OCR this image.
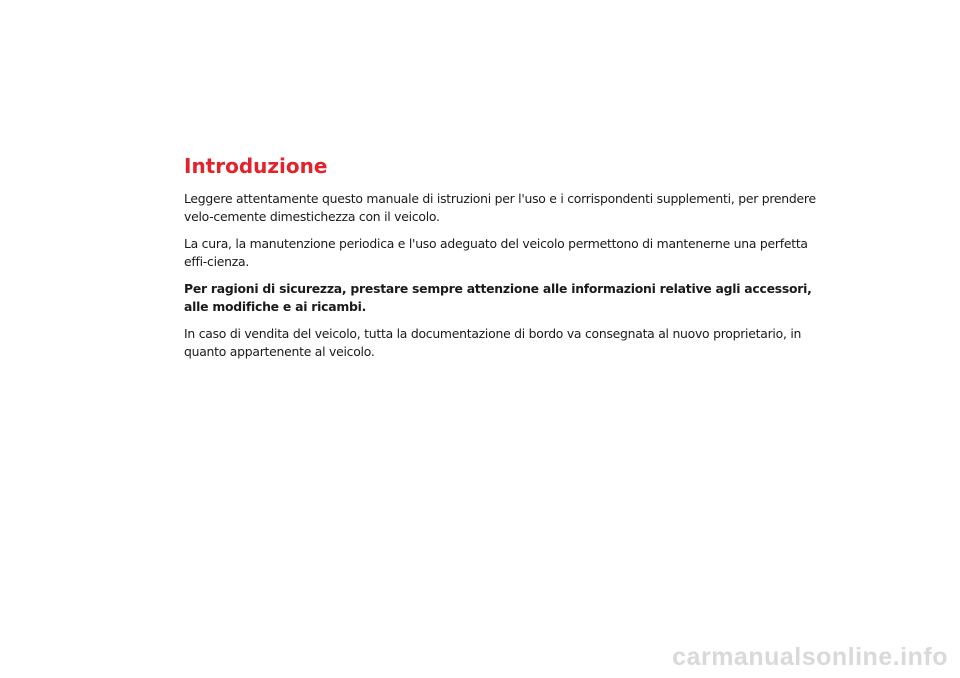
Introduzione

Leggere attentamente questo manuale di istruzioni per l'uso e i corrispondenti supplementi, per prendere velo-cemente dimestichezza con il veicolo.

La cura, la manutenzione periodica e l'uso adeguato del veicolo permettono di mantenerne una perfetta effi-cienza.

Per ragioni di sicurezza, prestare sempre attenzione alle informazioni relative agli accessori, alle modifiche e ai ricambi.

In caso di vendita del veicolo, tutta la documentazione di bordo va consegnata al nuovo proprietario, in quanto appartenente al veicolo.

carmanualsonline.info
